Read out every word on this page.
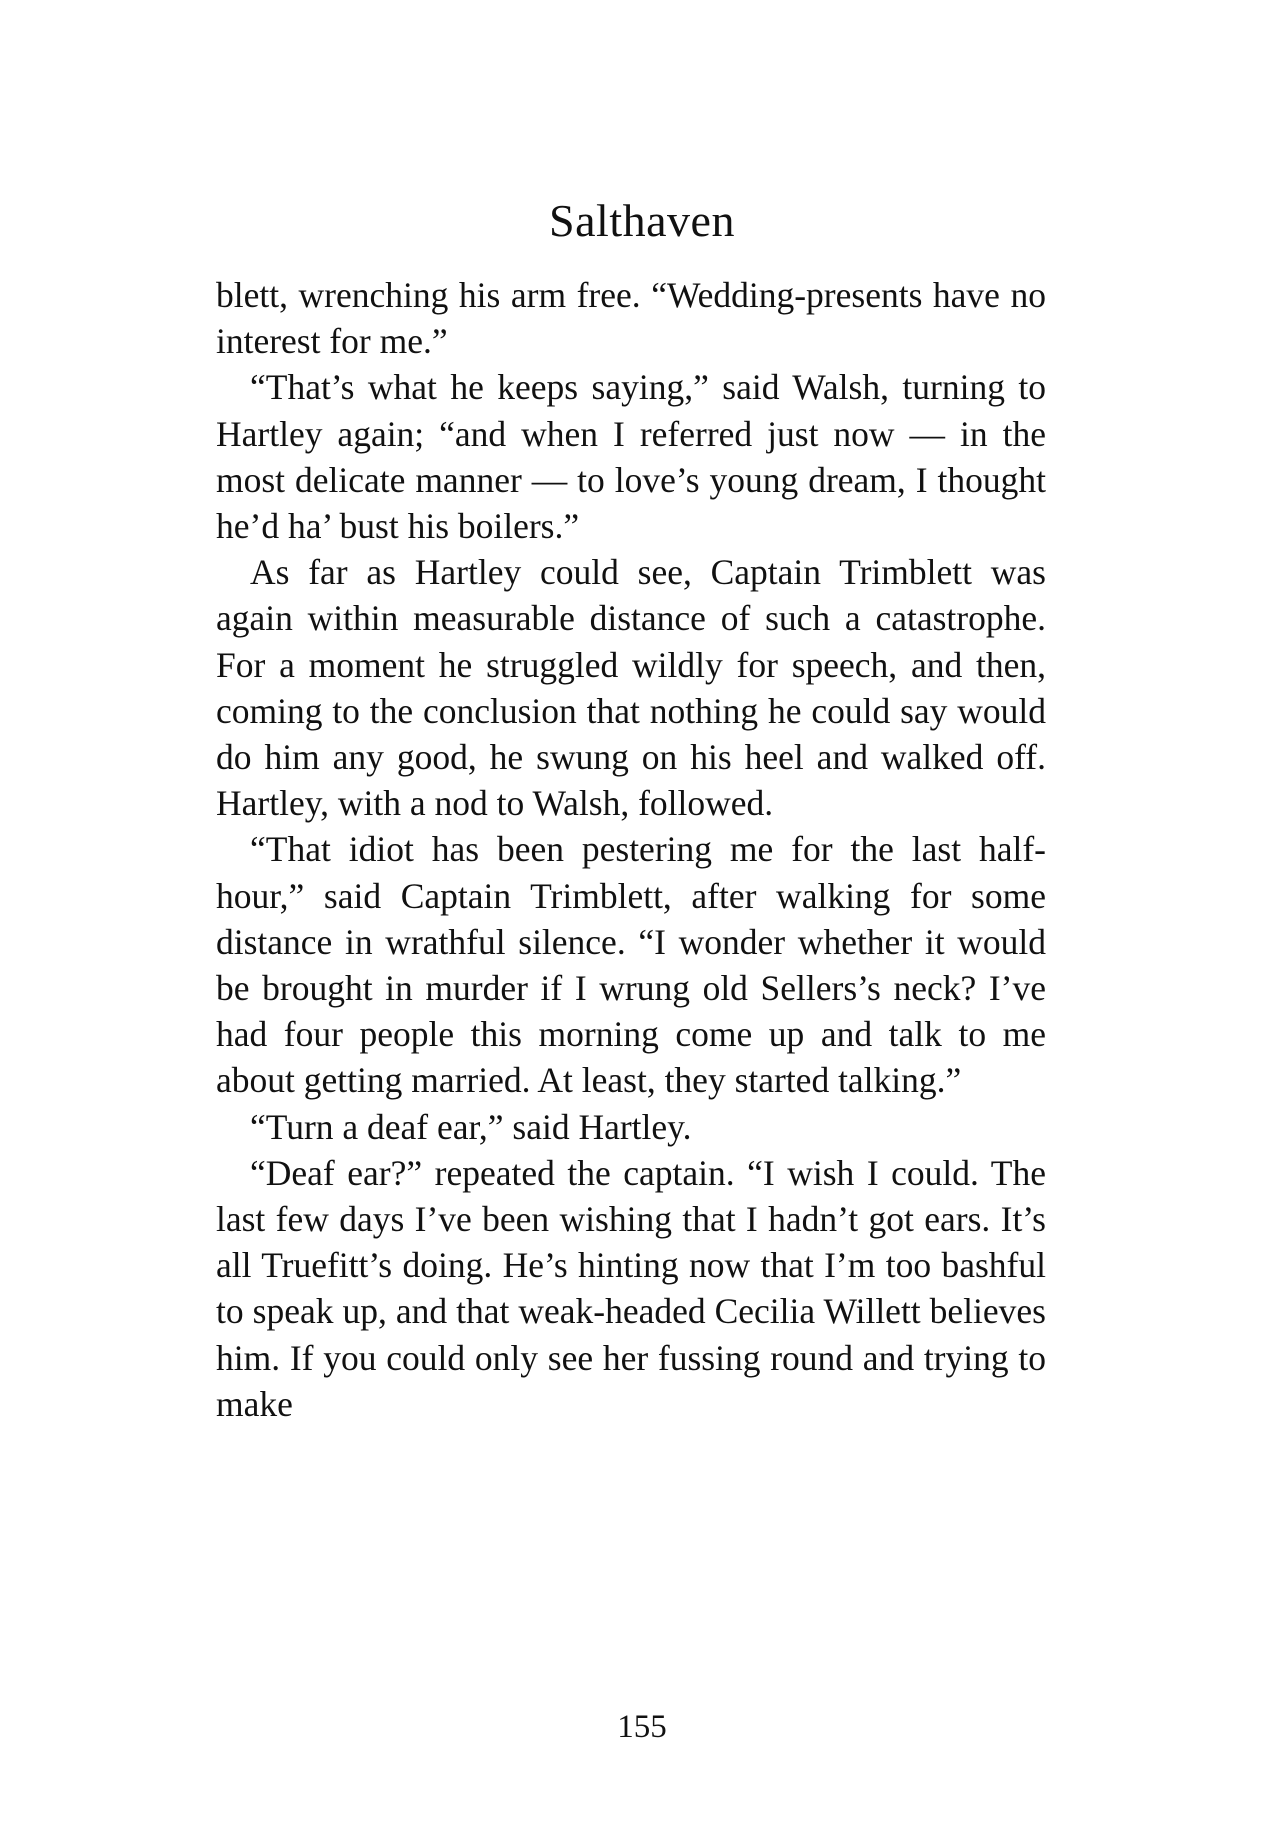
Salthaven

blett, wrenching his arm free. “Wedding-presents have no interest for me.”

“That’s what he keeps saying,” said Walsh, turning to Hartley again; “and when I referred just now — in the most delicate manner — to love’s young dream, I thought he’d ha’ bust his boilers.”

As far as Hartley could see, Captain Trimblett was again within measurable distance of such a catastrophe. For a moment he struggled wildly for speech, and then, coming to the conclusion that nothing he could say would do him any good, he swung on his heel and walked off. Hartley, with a nod to Walsh, followed.

“That idiot has been pestering me for the last half-hour,” said Captain Trimblett, after walking for some distance in wrathful silence. “I wonder whether it would be brought in murder if I wrung old Sellers’s neck? I’ve had four people this morning come up and talk to me about getting married. At least, they started talking.”

“Turn a deaf ear,” said Hartley.

“Deaf ear?” repeated the captain. “I wish I could. The last few days I’ve been wishing that I hadn’t got ears. It’s all Truefitt’s doing. He’s hinting now that I’m too bashful to speak up, and that weak-headed Cecilia Willett believes him. If you could only see her fussing round and trying to make

155
